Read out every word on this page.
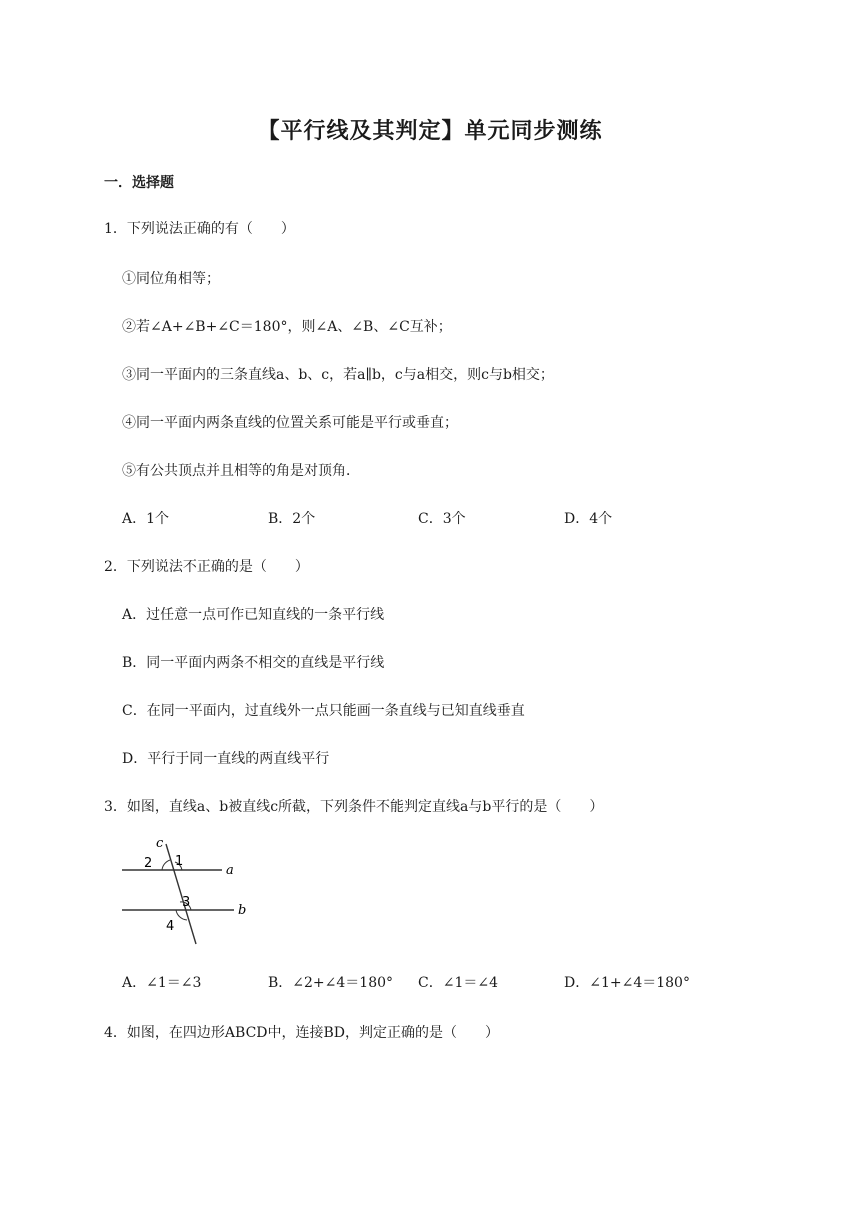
【平行线及其判定】单元同步测练
一．选择题
1．下列说法正确的有（　　）
①同位角相等；
②若∠A+∠B+∠C＝180°，则∠A、∠B、∠C互补；
③同一平面内的三条直线a、b、c，若a∥b，c与a相交，则c与b相交；
④同一平面内两条直线的位置关系可能是平行或垂直；
⑤有公共顶点并且相等的角是对顶角．
A．1个	B．2个	C．3个	D．4个
2．下列说法不正确的是（　　）
A．过任意一点可作已知直线的一条平行线
B．同一平面内两条不相交的直线是平行线
C．在同一平面内，过直线外一点只能画一条直线与已知直线垂直
D．平行于同一直线的两直线平行
3．如图，直线a、b被直线c所截，下列条件不能判定直线a与b平行的是（　　）
c
a
b
1
2
3
4
A．∠1＝∠3	B．∠2+∠4＝180° C．∠1＝∠4	D．∠1+∠4＝180°
4．如图，在四边形ABCD中，连接BD，判定正确的是（　　）
